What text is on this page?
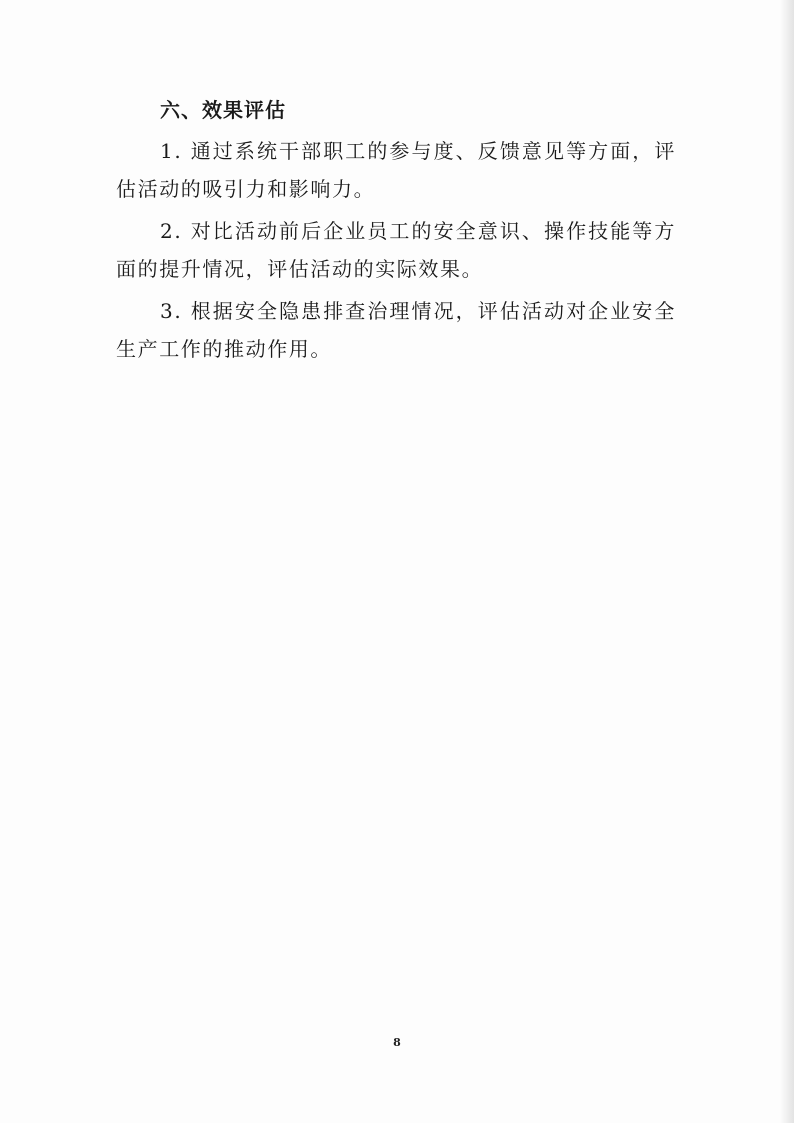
六、效果评估

1. 通过系统干部职工的参与度、反馈意见等方面，评估活动的吸引力和影响力。

2. 对比活动前后企业员工的安全意识、操作技能等方面的提升情况，评估活动的实际效果。

3. 根据安全隐患排查治理情况，评估活动对企业安全生产工作的推动作用。

8
